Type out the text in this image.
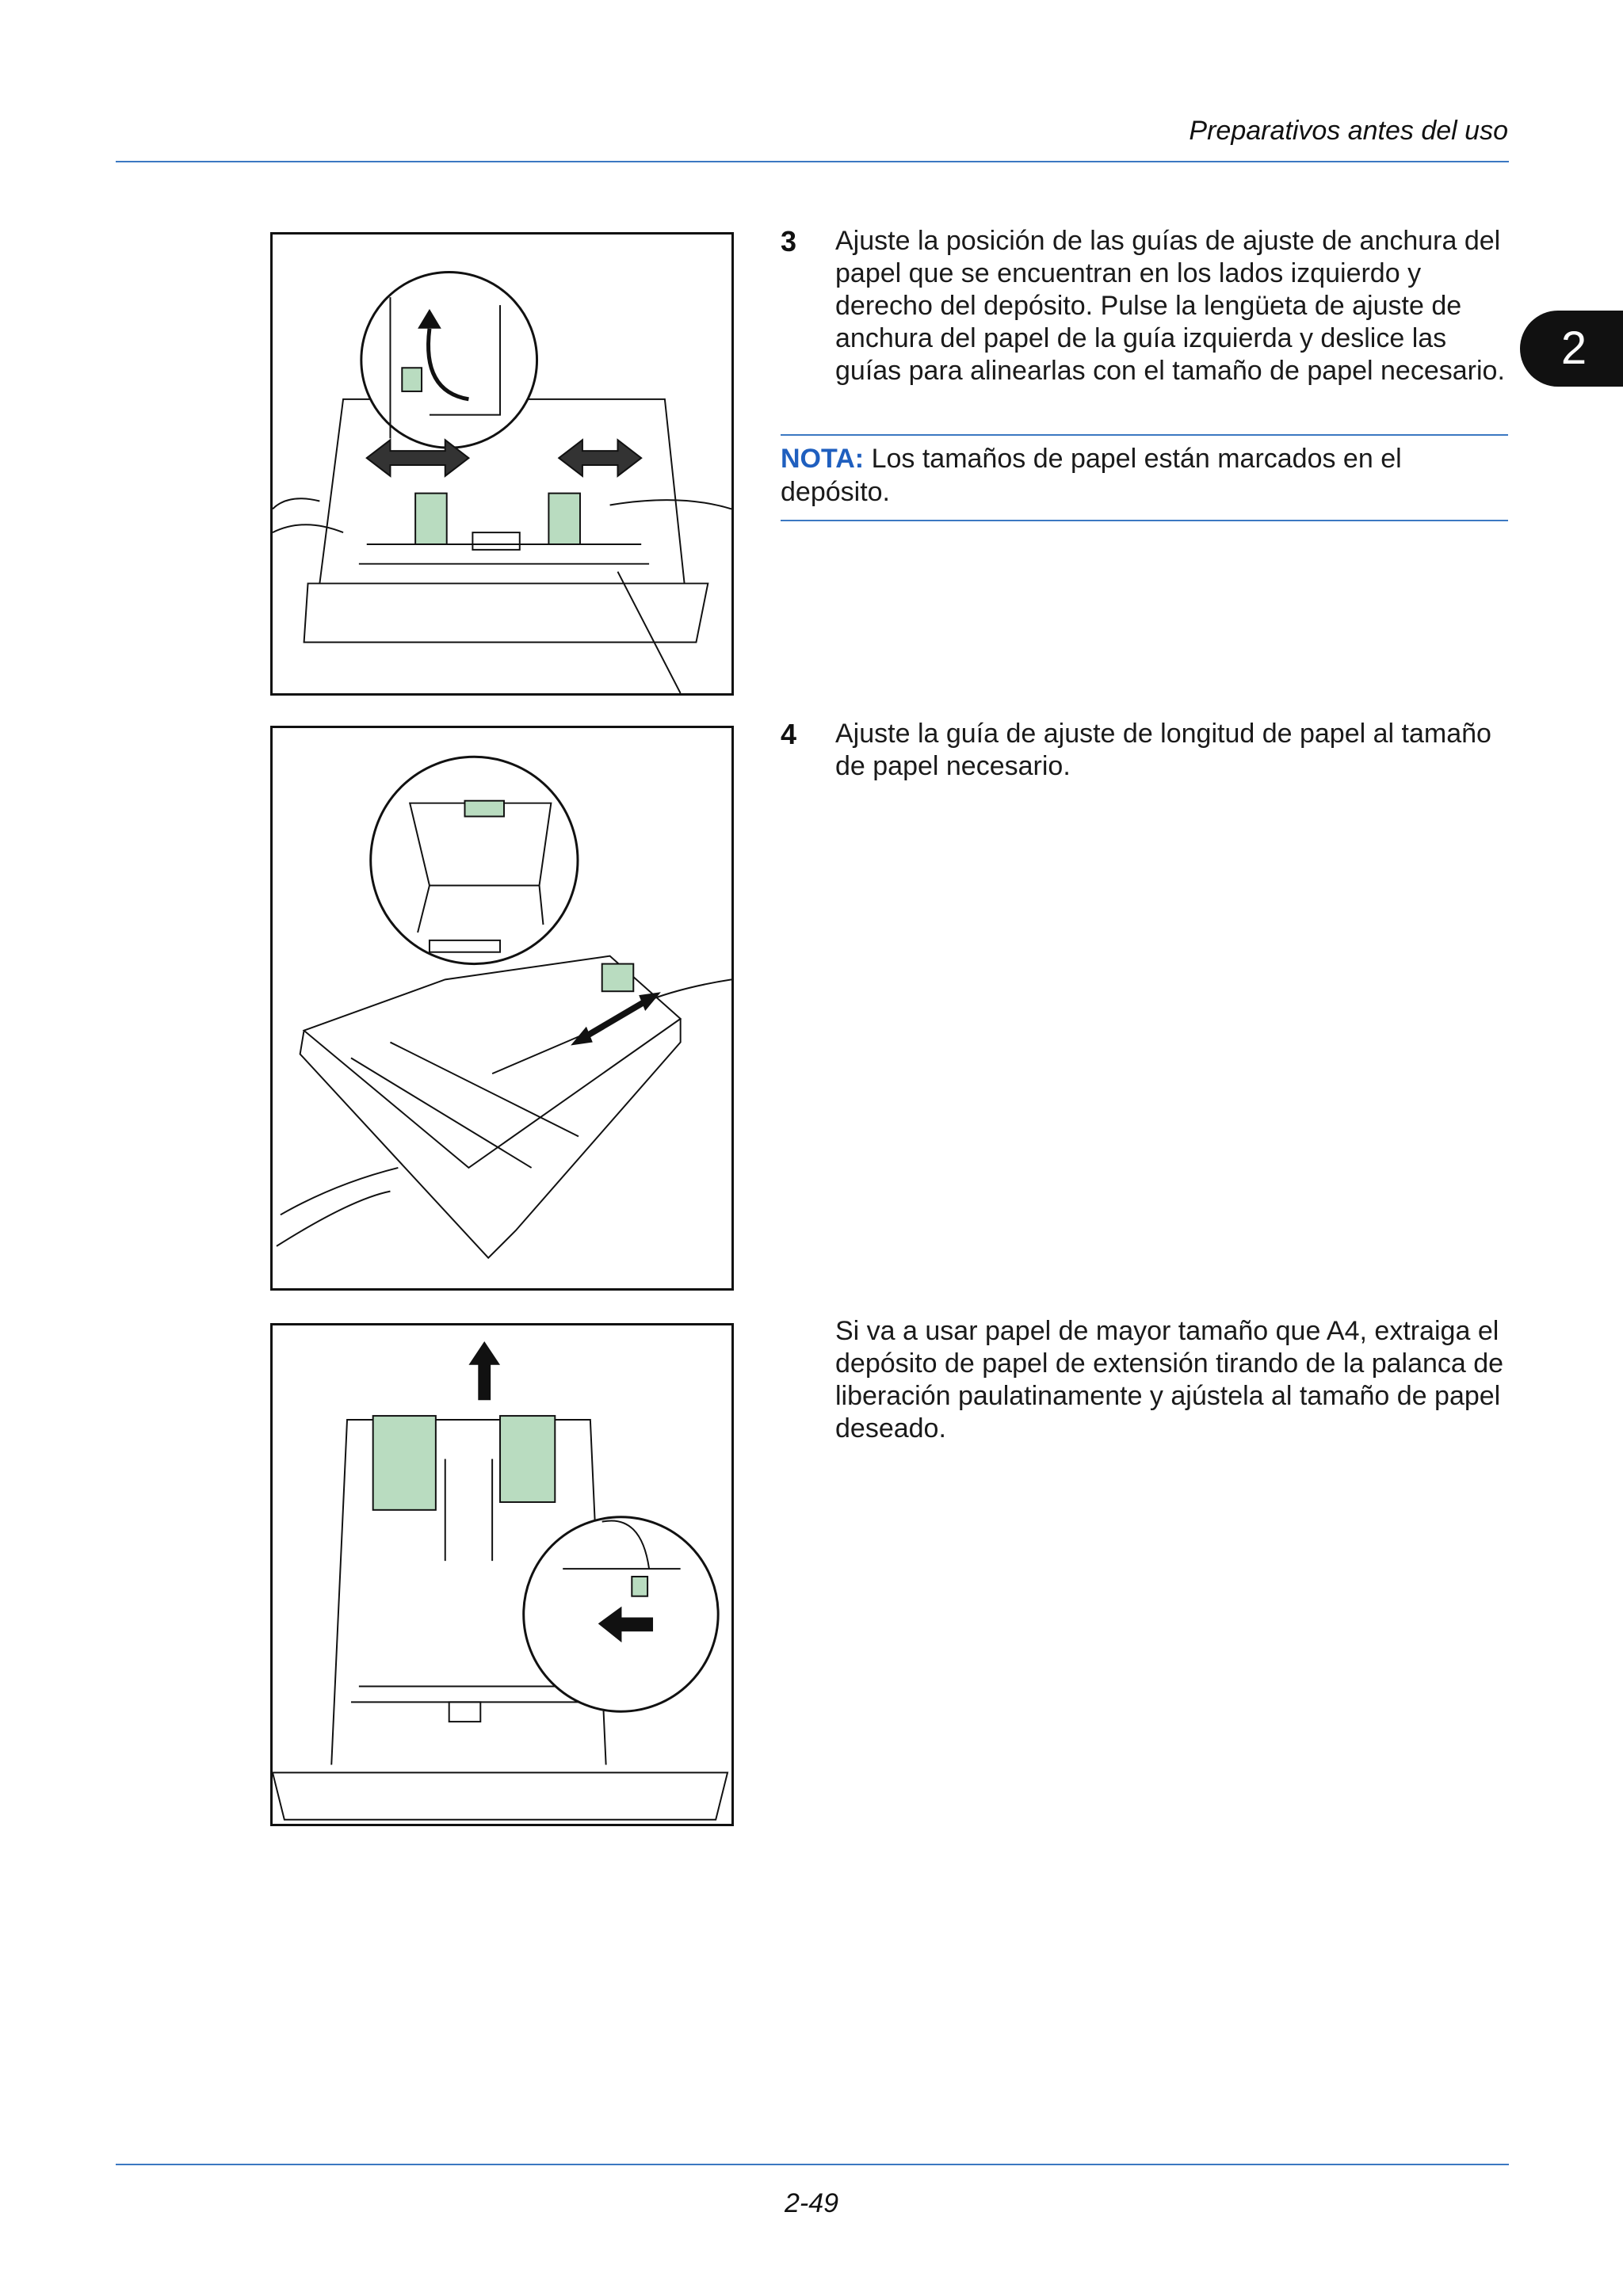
Preparativos antes del uso
2
3 Ajuste la posición de las guías de ajuste de anchura del papel que se encuentran en los lados izquierdo y derecho del depósito. Pulse la lengüeta de ajuste de anchura del papel de la guía izquierda y deslice las guías para alinearlas con el tamaño de papel necesario.
NOTA: Los tamaños de papel están marcados en el depósito.
4 Ajuste la guía de ajuste de longitud de papel al tamaño de papel necesario.
Si va a usar papel de mayor tamaño que A4, extraiga el depósito de papel de extensión tirando de la palanca de liberación paulatinamente y ajústela al tamaño de papel deseado.
2-49
